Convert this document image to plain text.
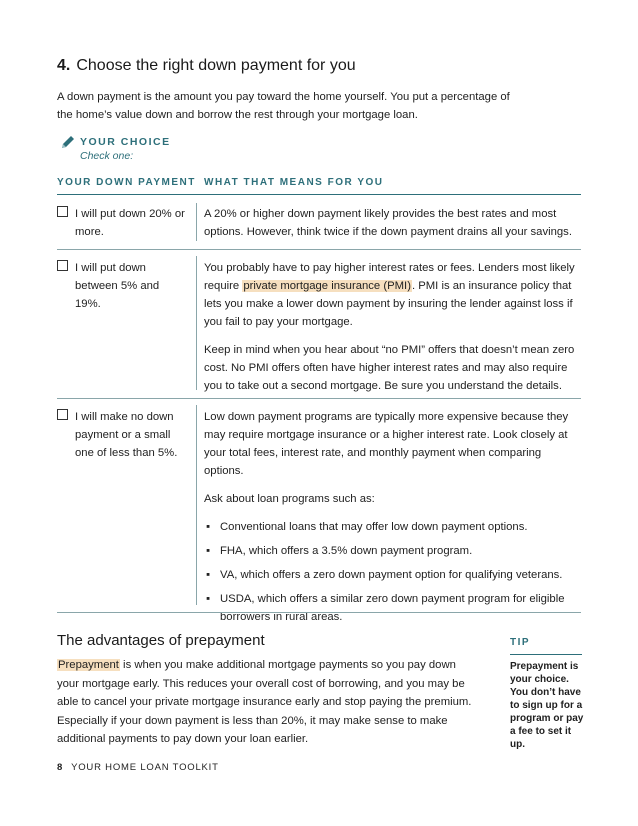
4. Choose the right down payment for you
A down payment is the amount you pay toward the home yourself. You put a percentage of the home’s value down and borrow the rest through your mortgage loan.
YOUR CHOICE
Check one:
YOUR DOWN PAYMENT WHAT THAT MEANS FOR YOU
I will put down 20% or more.

A 20% or higher down payment likely provides the best rates and most options. However, think twice if the down payment drains all your savings.

I will put down between 5% and 19%.

You probably have to pay higher interest rates or fees. Lenders most likely require private mortgage insurance (PMI). PMI is an insurance policy that lets you make a lower down payment by insuring the lender against loss if you fail to pay your mortgage.

Keep in mind when you hear about “no PMI” offers that doesn’t mean zero cost. No PMI offers often have higher interest rates and may also require you to take out a second mortgage. Be sure you understand the details.

I will make no down payment or a small one of less than 5%.

Low down payment programs are typically more expensive because they may require mortgage insurance or a higher interest rate. Look closely at your total fees, interest rate, and monthly payment when comparing options.

Ask about loan programs such as:

▪ Conventional loans that may offer low down payment options.
▪ FHA, which offers a 3.5% down payment program.
▪ VA, which offers a zero down payment option for qualifying veterans.
▪ USDA, which offers a similar zero down payment program for eligible borrowers in rural areas.
The advantages of prepayment
Prepayment is when you make additional mortgage payments so you pay down your mortgage early. This reduces your overall cost of borrowing, and you may be able to cancel your private mortgage insurance early and stop paying the premium. Especially if your down payment is less than 20%, it may make sense to make additional payments to pay down your loan earlier.
TIP
Prepayment is your choice. You don’t have to sign up for a program or pay a fee to set it up.
8 YOUR HOME LOAN TOOLKIT
